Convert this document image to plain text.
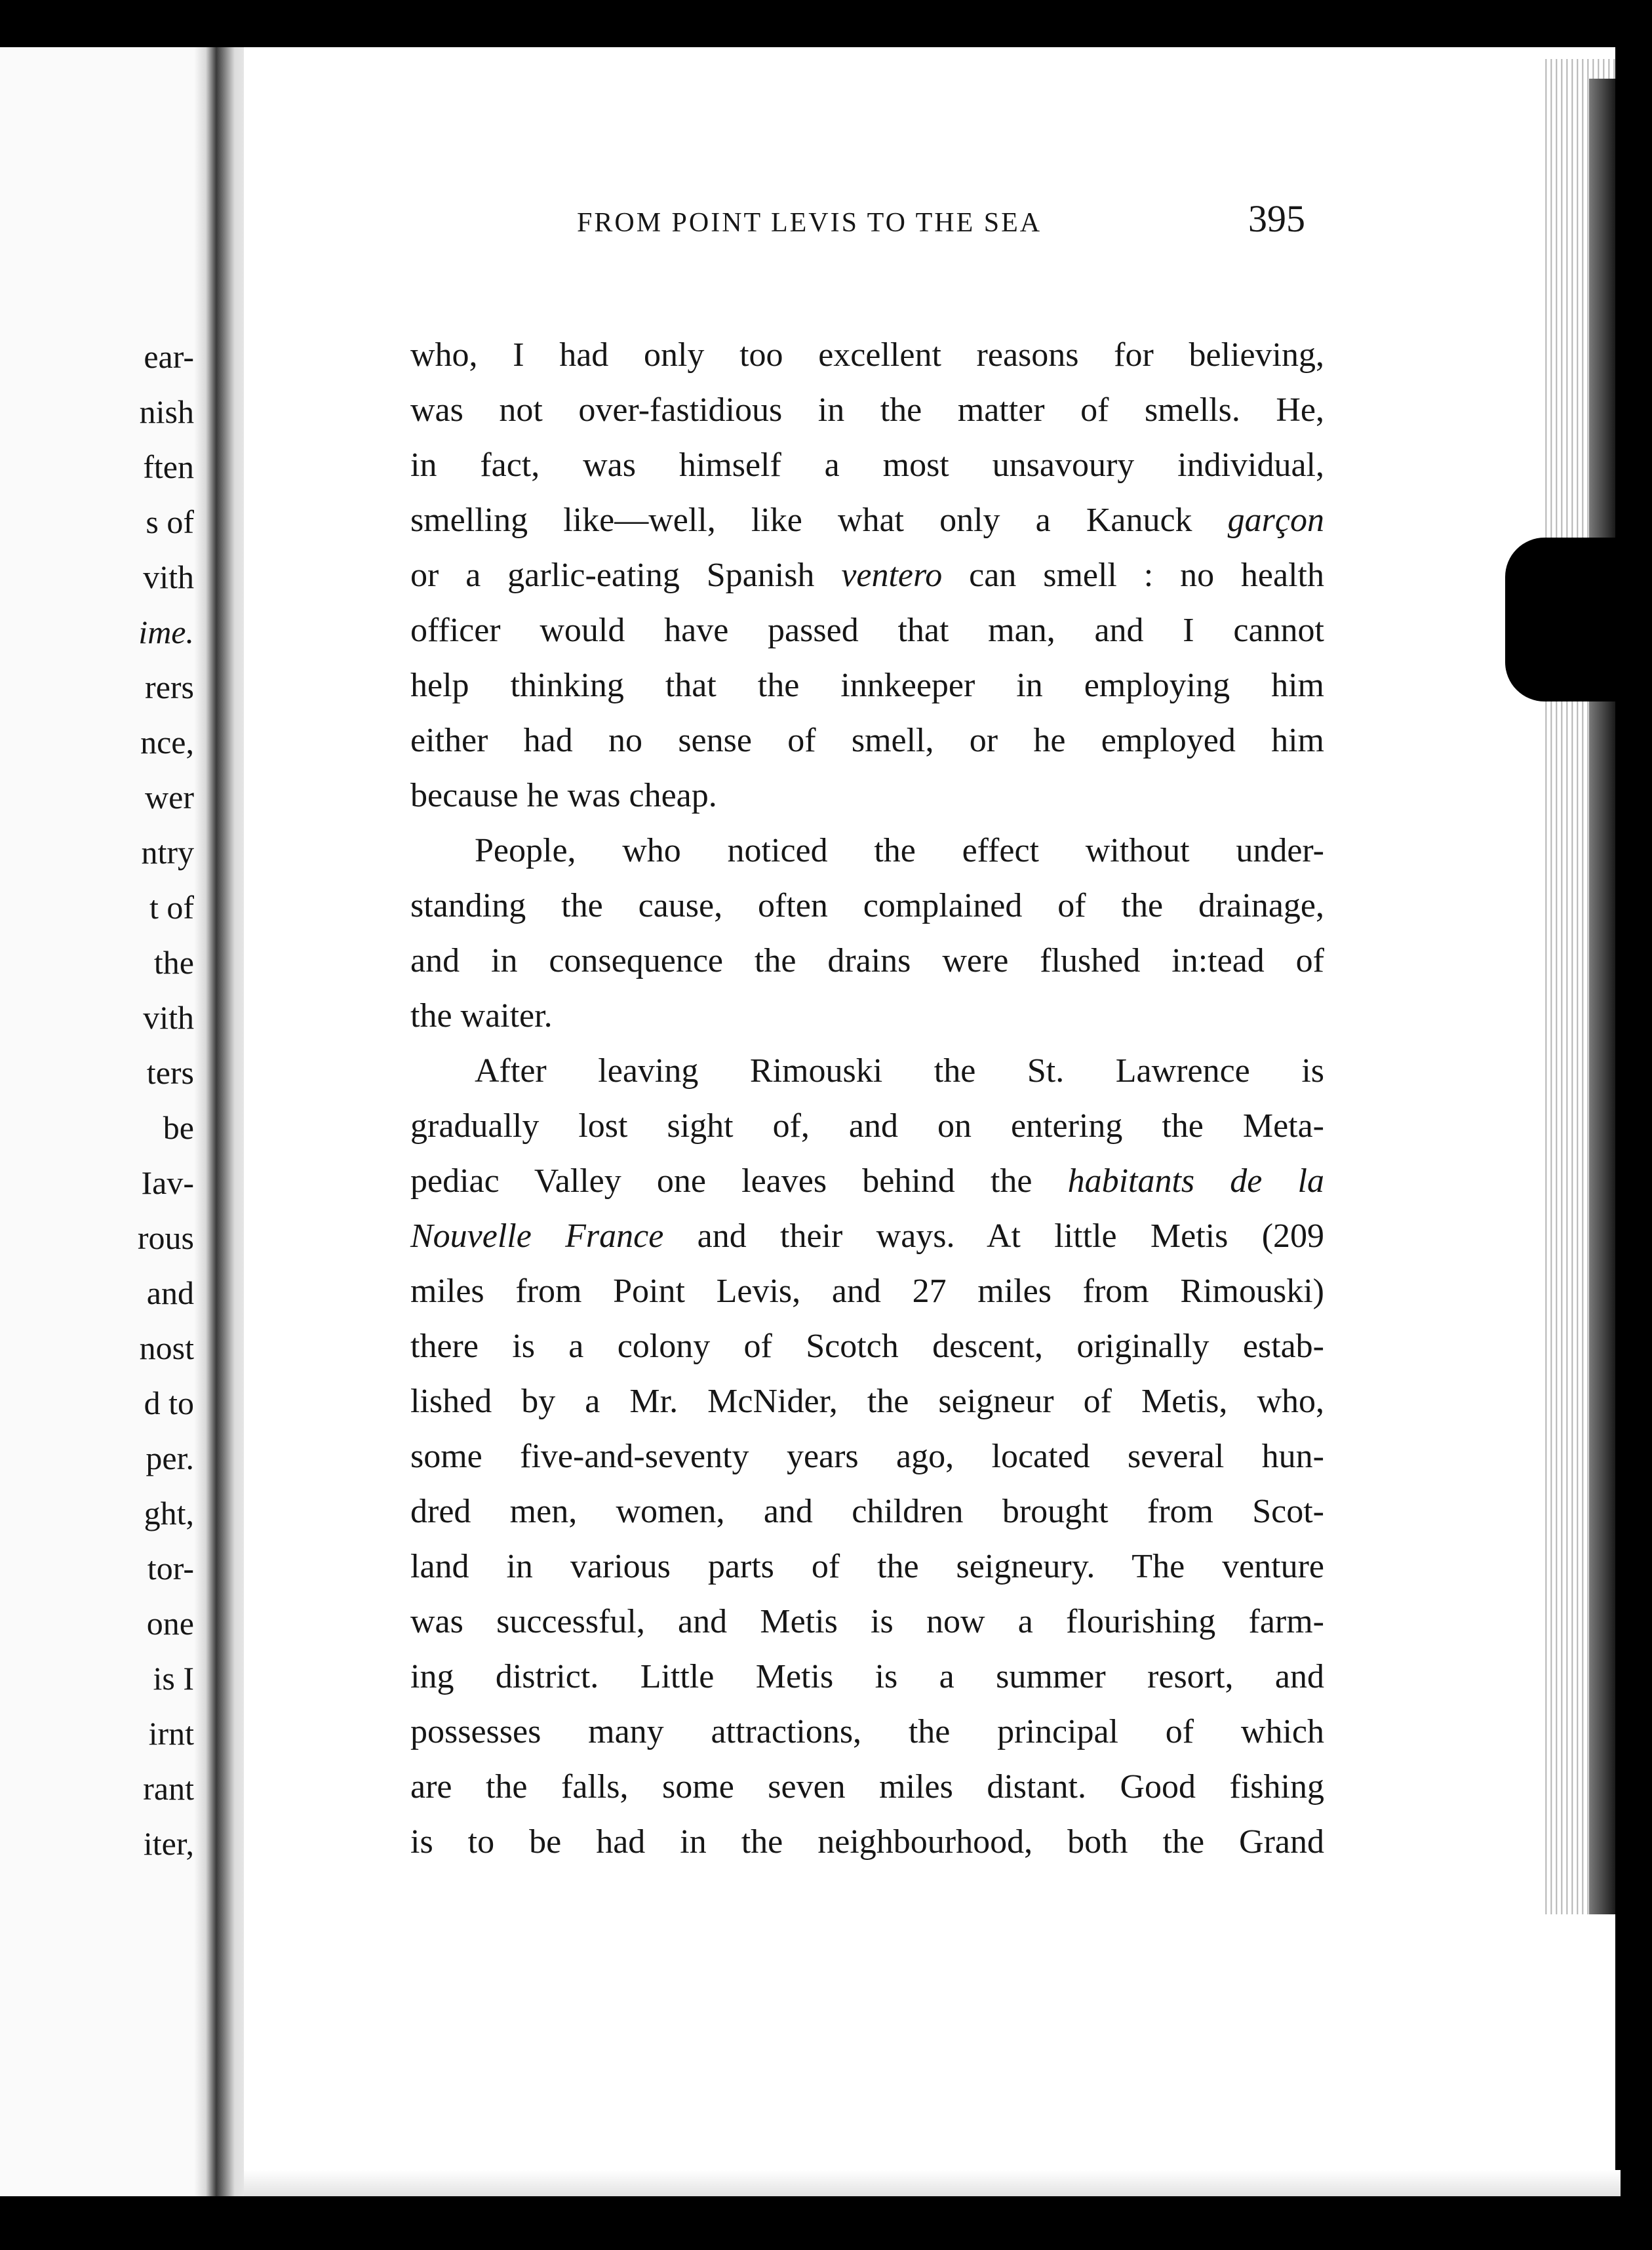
ear-
nish
ften
s of
vith
ime.
rers
nce,
wer
ntry
t of
the
vith
ters
be
Iav-
rous
and
nost
d to
per.
ght,
tor-
one
is I
irnt
rant
iter,
FROM POINT LEVIS TO THE SEA	395
who, I had only too excellent reasons for believing,
was not over-fastidious in the matter of smells. He,
in fact, was himself a most unsavoury individual,
smelling like—well, like what only a Kanuck garçon
or a garlic-eating Spanish ventero can smell : no health
officer would have passed that man, and I cannot
help thinking that the innkeeper in employing him
either had no sense of smell, or he employed him
because he was cheap.
People, who noticed the effect without under-
standing the cause, often complained of the drainage,
and in consequence the drains were flushed in:tead of
the waiter.
After leaving Rimouski the St. Lawrence is
gradually lost sight of, and on entering the Meta-
pediac Valley one leaves behind the habitants de la
Nouvelle France and their ways. At little Metis (209
miles from Point Levis, and 27 miles from Rimouski)
there is a colony of Scotch descent, originally estab-
lished by a Mr. McNider, the seigneur of Metis, who,
some five-and-seventy years ago, located several hun-
dred men, women, and children brought from Scot-
land in various parts of the seigneury. The venture
was successful, and Metis is now a flourishing farm-
ing district. Little Metis is a summer resort, and
possesses many attractions, the principal of which
are the falls, some seven miles distant. Good fishing
is to be had in the neighbourhood, both the Grand
